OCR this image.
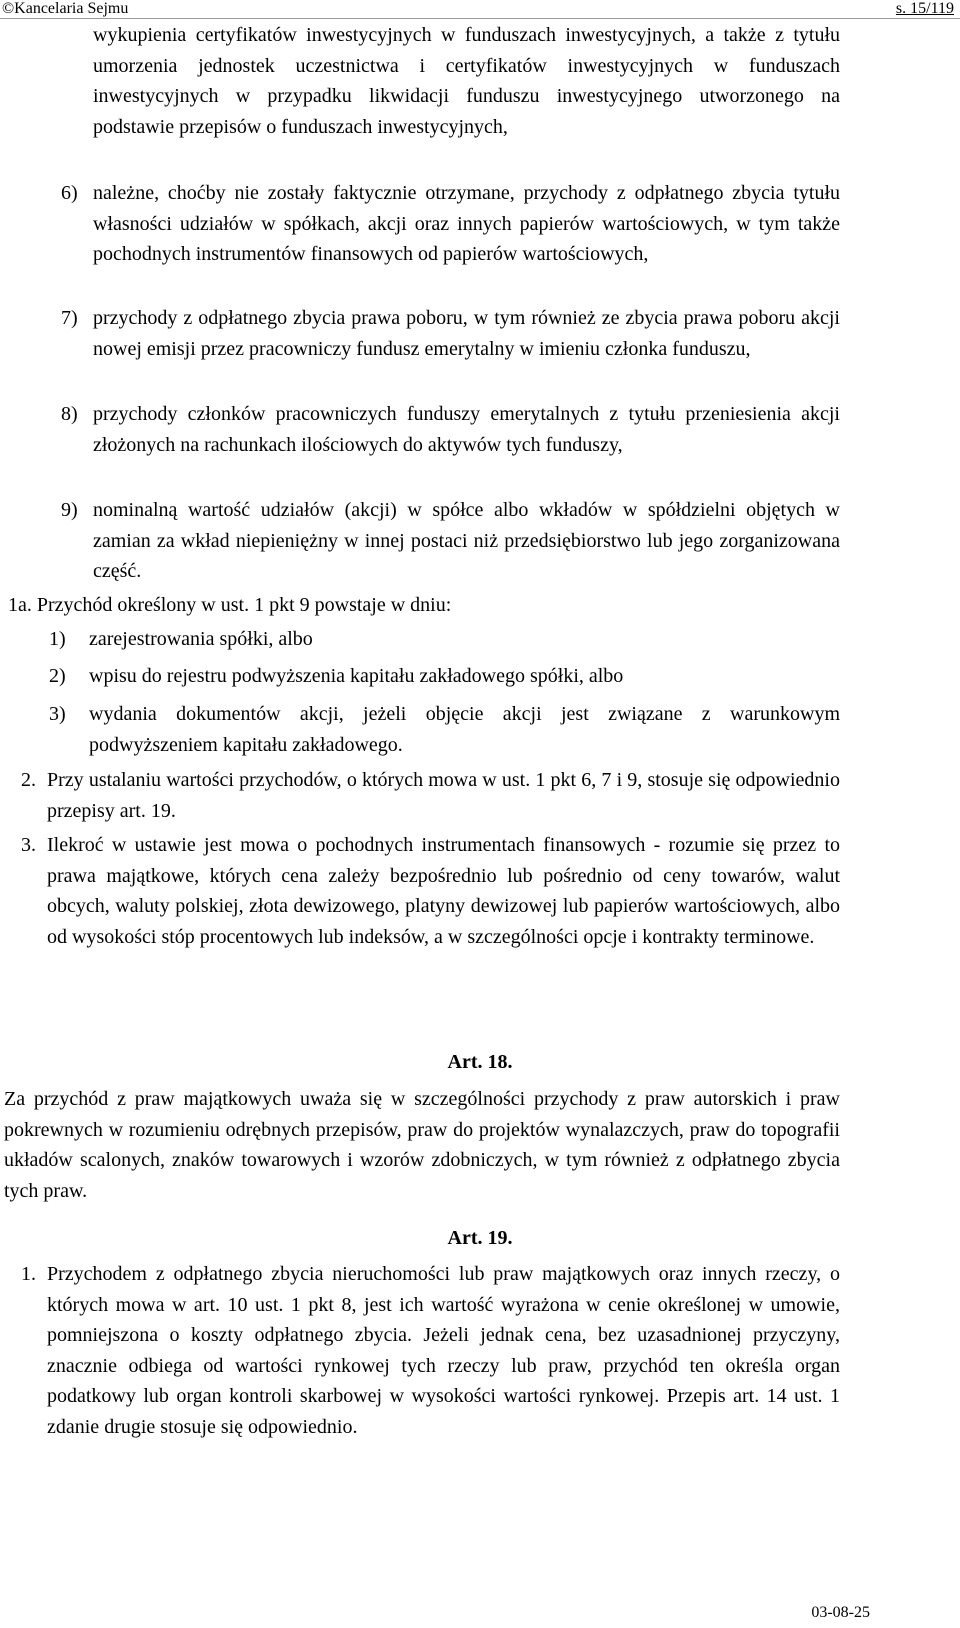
©Kancelaria Sejmu	s. 15/119
wykupienia certyfikatów inwestycyjnych w funduszach inwestycyjnych, a także z tytułu umorzenia jednostek uczestnictwa i certyfikatów inwestycyjnych w funduszach inwestycyjnych w przypadku likwidacji funduszu inwestycyjnego utworzonego na podstawie przepisów o funduszach inwestycyjnych,
6) należne, choćby nie zostały faktycznie otrzymane, przychody z odpłatnego zbycia tytułu własności udziałów w spółkach, akcji oraz innych papierów wartościowych, w tym także pochodnych instrumentów finansowych od papierów wartościowych,
7) przychody z odpłatnego zbycia prawa poboru, w tym również ze zbycia prawa poboru akcji nowej emisji przez pracowniczy fundusz emerytalny w imieniu członka funduszu,
8) przychody członków pracowniczych funduszy emerytalnych z tytułu przeniesienia akcji złożonych na rachunkach ilościowych do aktywów tych funduszy,
9) nominalną wartość udziałów (akcji) w spółce albo wkładów w spółdzielni objętych w zamian za wkład niepieniężny w innej postaci niż przedsiębiorstwo lub jego zorganizowana część.
1a. Przychód określony w ust. 1 pkt 9 powstaje w dniu:
1) zarejestrowania spółki, albo
2) wpisu do rejestru podwyższenia kapitału zakładowego spółki, albo
3) wydania dokumentów akcji, jeżeli objęcie akcji jest związane z warunkowym podwyższeniem kapitału zakładowego.
2. Przy ustalaniu wartości przychodów, o których mowa w ust. 1 pkt 6, 7 i 9, stosuje się odpowiednio przepisy art. 19.
3. Ilekroć w ustawie jest mowa o pochodnych instrumentach finansowych - rozumie się przez to prawa majątkowe, których cena zależy bezpośrednio lub pośrednio od ceny towarów, walut obcych, waluty polskiej, złota dewizowego, platyny dewizowej lub papierów wartościowych, albo od wysokości stóp procentowych lub indeksów, a w szczególności opcje i kontrakty terminowe.
Art. 18.
Za przychód z praw majątkowych uważa się w szczególności przychody z praw autorskich i praw pokrewnych w rozumieniu odrębnych przepisów, praw do projektów wynalazczych, praw do topografii układów scalonych, znaków towarowych i wzorów zdobniczych, w tym również z odpłatnego zbycia tych praw.
Art. 19.
1. Przychodem z odpłatnego zbycia nieruchomości lub praw majątkowych oraz innych rzeczy, o których mowa w art. 10 ust. 1 pkt 8, jest ich wartość wyrażona w cenie określonej w umowie, pomniejszona o koszty odpłatnego zbycia. Jeżeli jednak cena, bez uzasadnionej przyczyny, znacznie odbiega od wartości rynkowej tych rzeczy lub praw, przychód ten określa organ podatkowy lub organ kontroli skarbowej w wysokości wartości rynkowej. Przepis art. 14 ust. 1 zdanie drugie stosuje się odpowiednio.
03-08-25
